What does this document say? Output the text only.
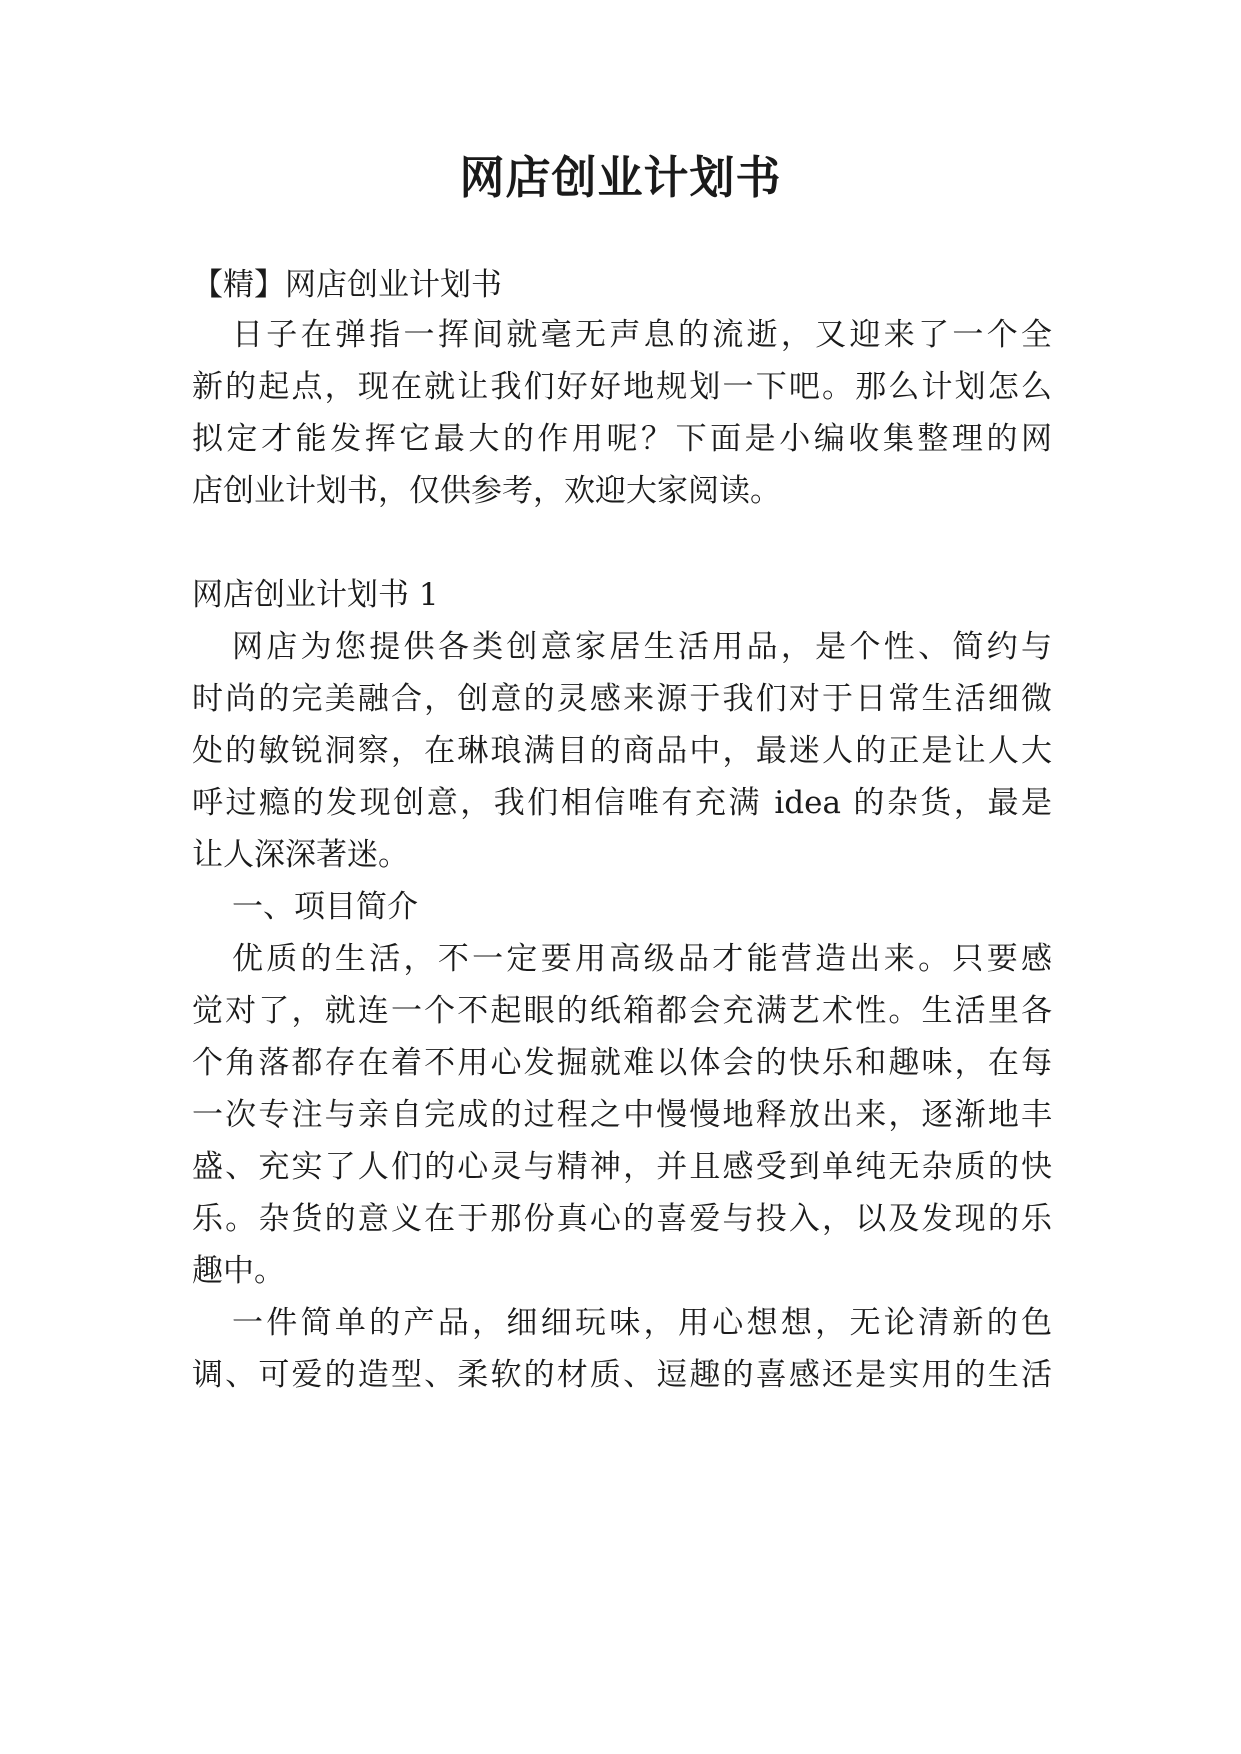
网店创业计划书
【精】网店创业计划书
日子在弹指一挥间就毫无声息的流逝，又迎来了一个全
新的起点，现在就让我们好好地规划一下吧。那么计划怎么
拟定才能发挥它最大的作用呢？下面是小编收集整理的网
店创业计划书，仅供参考，欢迎大家阅读。
网店创业计划书 1
网店为您提供各类创意家居生活用品，是个性、简约与
时尚的完美融合，创意的灵感来源于我们对于日常生活细微
处的敏锐洞察，在琳琅满目的商品中，最迷人的正是让人大
呼过瘾的发现创意，我们相信唯有充满 idea 的杂货，最是
让人深深著迷。
一、项目简介
优质的生活，不一定要用高级品才能营造出来。只要感
觉对了，就连一个不起眼的纸箱都会充满艺术性。生活里各
个角落都存在着不用心发掘就难以体会的快乐和趣味，在每
一次专注与亲自完成的过程之中慢慢地释放出来，逐渐地丰
盛、充实了人们的心灵与精神，并且感受到单纯无杂质的快
乐。杂货的意义在于那份真心的喜爱与投入，以及发现的乐
趣中。
一件简单的产品，细细玩味，用心想想，无论清新的色
调、可爱的造型、柔软的材质、逗趣的喜感还是实用的生活
